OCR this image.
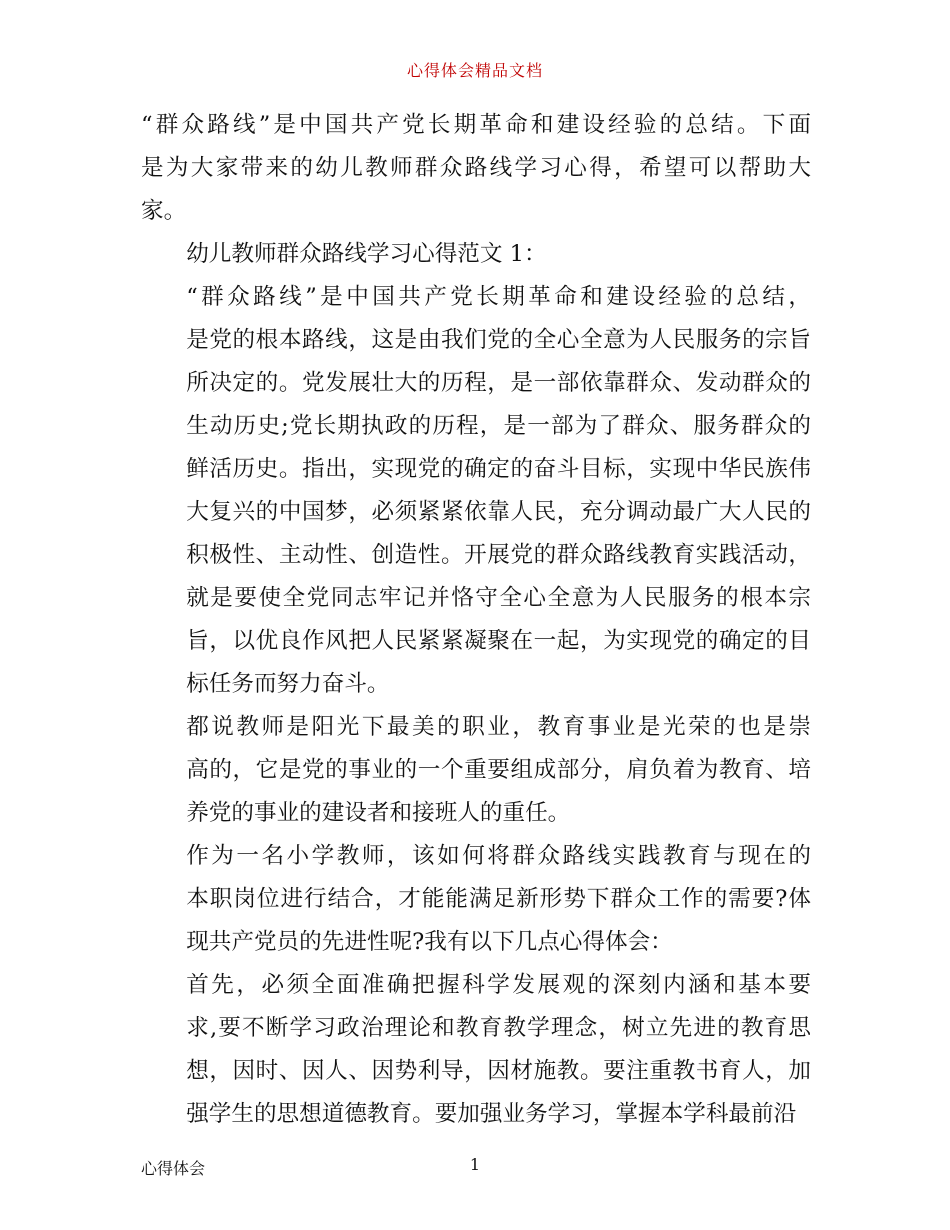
心得体会精品文档
“群众路线”是中国共产党长期革命和建设经验的总结。下面
是为大家带来的幼儿教师群众路线学习心得，希望可以帮助大
家。
幼儿教师群众路线学习心得范文 1：
“群众路线”是中国共产党长期革命和建设经验的总结，
是党的根本路线，这是由我们党的全心全意为人民服务的宗旨
所决定的。党发展壮大的历程，是一部依靠群众、发动群众的
生动历史;党长期执政的历程，是一部为了群众、服务群众的
鲜活历史。指出，实现党的确定的奋斗目标，实现中华民族伟
大复兴的中国梦，必须紧紧依靠人民，充分调动最广大人民的
积极性、主动性、创造性。开展党的群众路线教育实践活动，
就是要使全党同志牢记并恪守全心全意为人民服务的根本宗
旨，以优良作风把人民紧紧凝聚在一起，为实现党的确定的目
标任务而努力奋斗。
都说教师是阳光下最美的职业，教育事业是光荣的也是崇
高的，它是党的事业的一个重要组成部分，肩负着为教育、培
养党的事业的建设者和接班人的重任。
作为一名小学教师，该如何将群众路线实践教育与现在的
本职岗位进行结合，才能能满足新形势下群众工作的需要?体
现共产党员的先进性呢?我有以下几点心得体会：
首先，必须全面准确把握科学发展观的深刻内涵和基本要
求,要不断学习政治理论和教育教学理念，树立先进的教育思
想，因时、因人、因势利导，因材施教。要注重教书育人，加
强学生的思想道德教育。要加强业务学习，掌握本学科最前沿
心得体会	1
